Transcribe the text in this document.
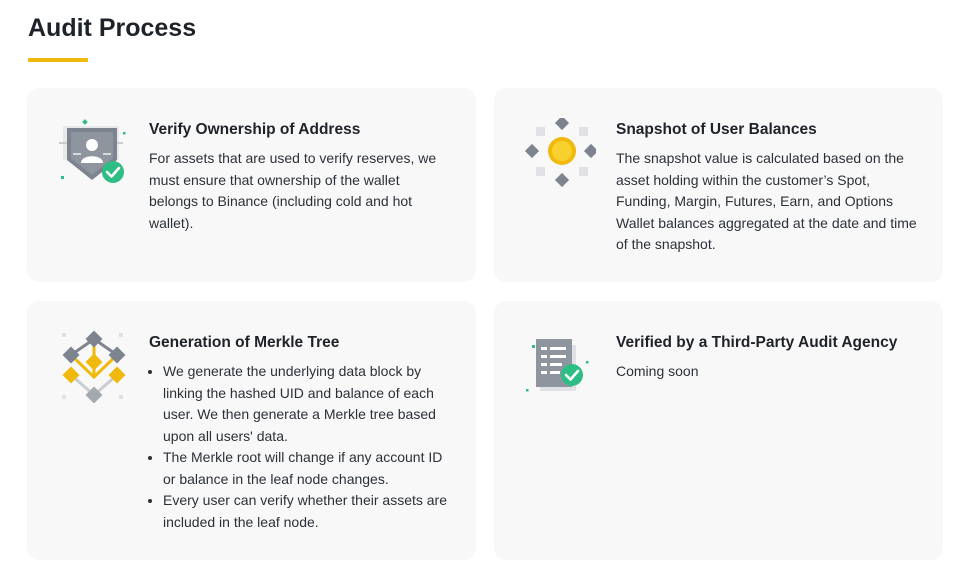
Audit Process
Verify Ownership of Address

For assets that are used to verify reserves, we must ensure that ownership of the wallet belongs to Binance (including cold and hot wallet).

Snapshot of User Balances

The snapshot value is calculated based on the asset holding within the customer’s Spot, Funding, Margin, Futures, Earn, and Options Wallet balances aggregated at the date and time of the snapshot.

Generation of Merkle Tree
• We generate the underlying data block by linking the hashed UID and balance of each user. We then generate a Merkle tree based upon all users' data.
• The Merkle root will change if any account ID or balance in the leaf node changes.
• Every user can verify whether their assets are included in the leaf node.
Verified by a Third-Party Audit Agency

Coming soon
